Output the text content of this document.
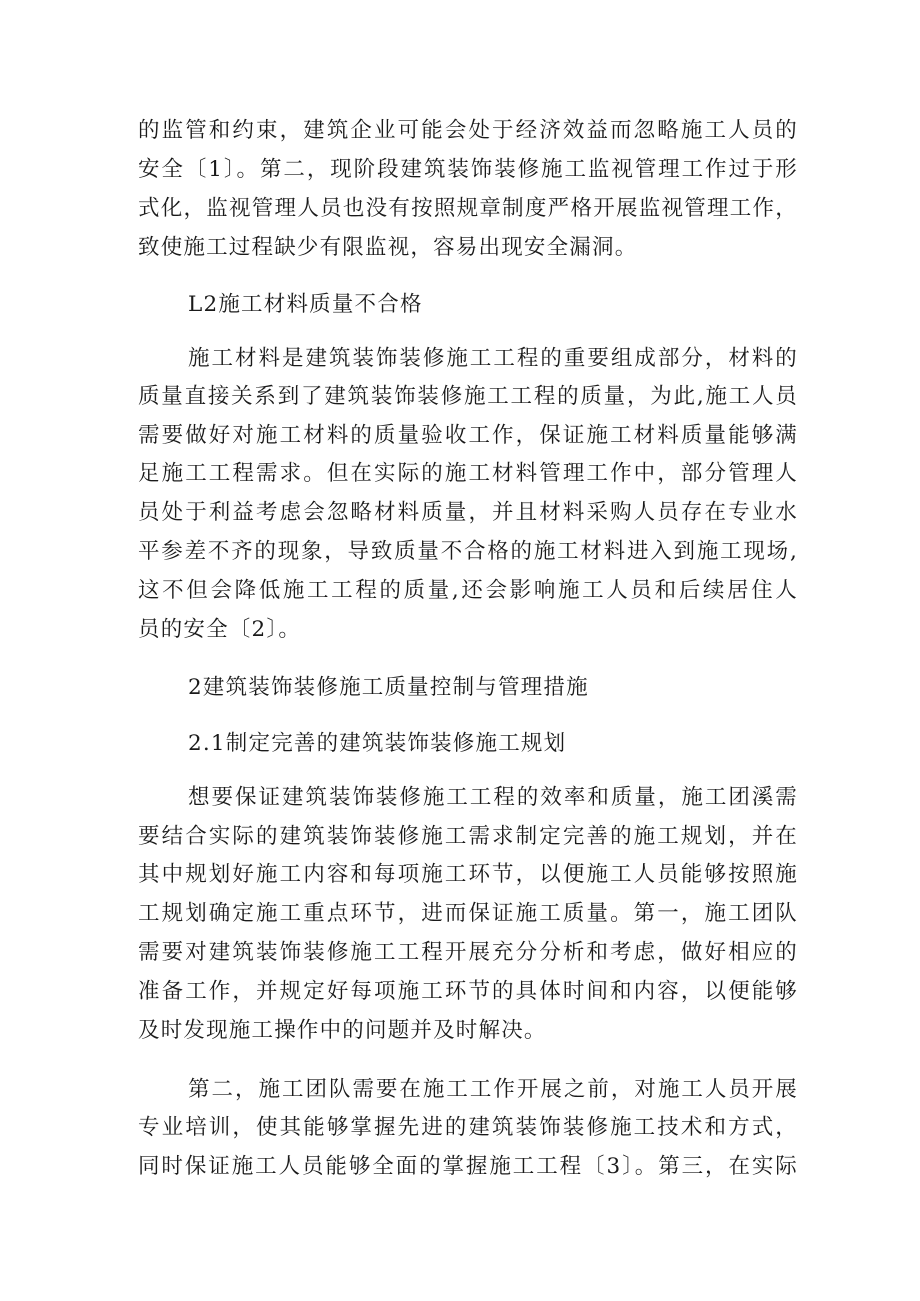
的监管和约束，建筑企业可能会处于经济效益而忽略施工人员的
安全〔1〕。第二，现阶段建筑装饰装修施工监视管理工作过于形
式化，监视管理人员也没有按照规章制度严格开展监视管理工作，
致使施工过程缺少有限监视，容易出现安全漏洞。
L2施工材料质量不合格
施工材料是建筑装饰装修施工工程的重要组成部分，材料的
质量直接关系到了建筑装饰装修施工工程的质量，为此,施工人员
需要做好对施工材料的质量验收工作，保证施工材料质量能够满
足施工工程需求。但在实际的施工材料管理工作中，部分管理人
员处于利益考虑会忽略材料质量，并且材料采购人员存在专业水
平参差不齐的现象，导致质量不合格的施工材料进入到施工现场,
这不但会降低施工工程的质量,还会影响施工人员和后续居住人
员的安全〔2〕。
2建筑装饰装修施工质量控制与管理措施
2.1制定完善的建筑装饰装修施工规划
想要保证建筑装饰装修施工工程的效率和质量，施工团溪需
要结合实际的建筑装饰装修施工需求制定完善的施工规划，并在
其中规划好施工内容和每项施工环节，以便施工人员能够按照施
工规划确定施工重点环节，进而保证施工质量。第一，施工团队
需要对建筑装饰装修施工工程开展充分分析和考虑，做好相应的
准备工作，并规定好每项施工环节的具体时间和内容，以便能够
及时发现施工操作中的问题并及时解决。
第二，施工团队需要在施工工作开展之前，对施工人员开展
专业培训，使其能够掌握先进的建筑装饰装修施工技术和方式，
同时保证施工人员能够全面的掌握施工工程〔3〕。第三，在实际
